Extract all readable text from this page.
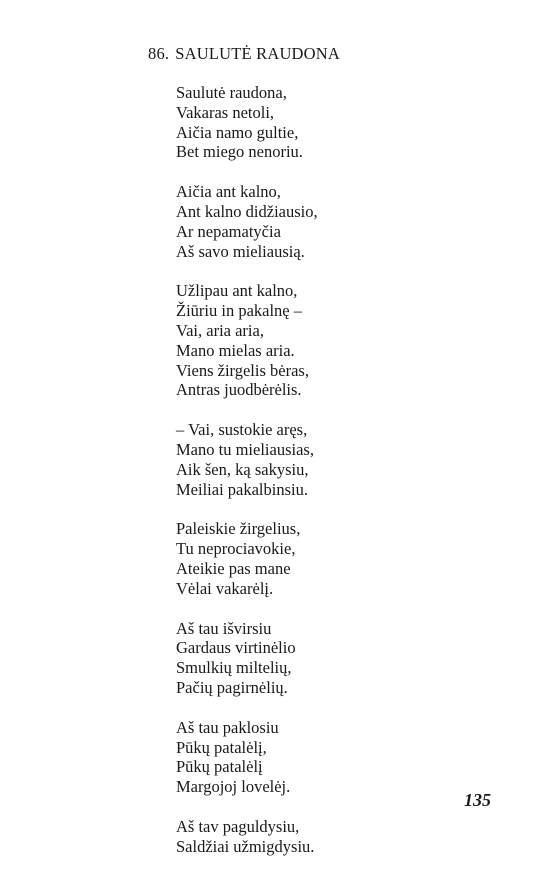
86. SAULUTĖ RAUDONA
Saulutė raudona,
Vakaras netoli,
Aičia namo gultie,
Bet miego nenoriu.
Aičia ant kalno,
Ant kalno didžiausio,
Ar nepamatyčia
Aš savo mieliausią.
Užlipau ant kalno,
Žiūriu in pakalnę –
Vai, aria aria,
Mano mielas aria.
Viens žirgelis bėras,
Antras juodbėrėlis.
– Vai, sustokie aręs,
Mano tu mieliausias,
Aik šen, ką sakysiu,
Meiliai pakalbinsiu.
Paleiskie žirgelius,
Tu neprociavokie,
Ateikie pas mane
Vėlai vakarėlį.
Aš tau išvirsiu
Gardaus virtinėlio
Smulkių miltelių,
Pačių pagirnėlių.
Aš tau paklosiu
Pūkų patalėlį,
Pūkų patalėlį
Margojoj lovelėj.
Aš tav paguldysiu,
Saldžiai užmigdysiu.
135
